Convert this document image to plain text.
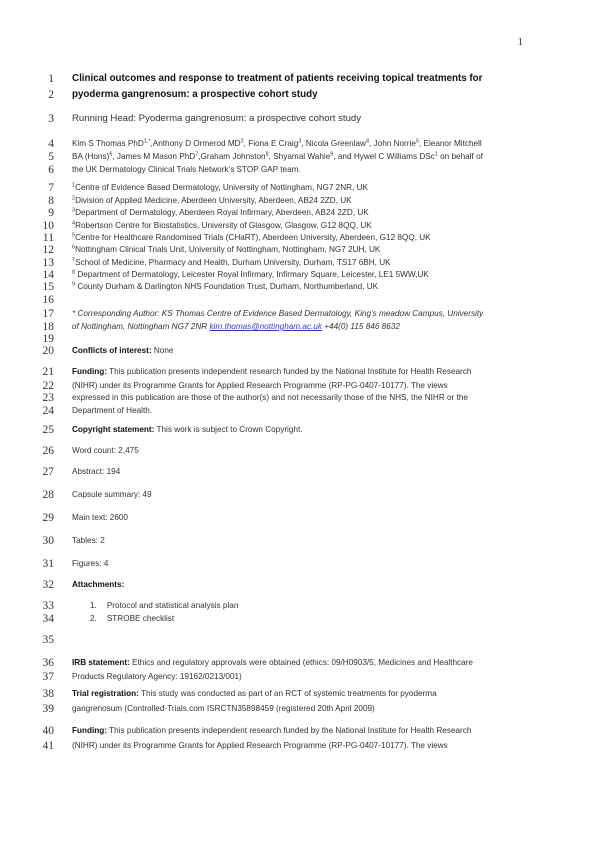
1
1
2
3
4
5
6
7
8
9
10
11
12
13
14
15
16
17
18
19
20
21
22
23
24
25
26
27
28
29
30
31
32
33
34
35
36
37
38
39
40
41
Clinical outcomes and response to treatment of patients receiving topical treatments for
pyoderma gangrenosum: a prospective cohort study
Running Head: Pyoderma gangrenosum: a prospective cohort study
Kim S Thomas PhD$^{1,*}$,Anthony D Ormerod $MD^2$, Fiona E Craig$^3$, Nicola Greenlaw$^4$, John Norrie$^5$, Eleanor Mitchell
BA (Hons)$^6$, James M Mason PhD$^7$,Graham Johnston$^8$, Shyamal Wahie$^9$, and Hywel C Williams DSc$^1$ on behalf of
the UK Dermatology Clinical Trials Network’s STOP GAP team.
$^1$Centre of Evidence Based Dermatology, University of Nottingham, NG7 2NR, UK
$^2$Division of Applied Medicine, Aberdeen University, Aberdeen, AB24 2ZD, UK
$^3$Department of Dermatology, Aberdeen Royal Infirmary, Aberdeen, AB24 2ZD, UK
$^4$Robertson Centre for Biostatistics, University of Glasgow, Glasgow, G12 8QQ, UK
$^5$Centre for Healthcare Randomised Trials (CHaRT), Aberdeen University, Aberdeen, G12 8QQ, UK
$^6$Nottingham Clinical Trials Unit, University of Nottingham, Nottingham, NG7 2UH, UK
$^7$School of Medicine, Pharmacy and Health, Durham University, Durham, TS17 6BH, UK
$^8$ Department of Dermatology, Leicester Royal Infirmary, Infirmary Square, Leicester, LE1 5WW,UK
$^9$ County Durham & Darlington NHS Foundation Trust, Durham, Northumberland, UK
* Corresponding Author: KS Thomas Centre of Evidence Based Dermatology, King’s meadow Campus, University
of Nottingham, Nottingham NG7 2NR kim.thomas@nottingham.ac.uk +44(0) 115 846 8632
Conflicts of interest: None
Funding: This publication presents independent research funded by the National Institute for Health Research
(NIHR) under its Programme Grants for Applied Research Programme (RP-PG-0407-10177). The views
expressed in this publication are those of the author(s) and not necessarily those of the NHS, the NIHR or the
Department of Health.
Copyright statement: This work is subject to Crown Copyright.
Word count: 2,475
Abstract: 194
Capsule summary: 49
Main text: 2600
Tables: 2
Figures: 4
Attachments:
1. Protocol and statistical analysis plan
2. STROBE checklist
IRB statement: Ethics and regulatory approvals were obtained (ethics: 09/H0903/5, Medicines and Healthcare
Products Regulatory Agency: 19162/0213/001)
Trial registration: This study was conducted as part of an RCT of systemic treatments for pyoderma
gangrenosum (Controlled-Trials.com ISRCTN35898459 (registered 20th April 2009)
Funding: This publication presents independent research funded by the National Institute for Health Research
(NIHR) under its Programme Grants for Applied Research Programme (RP-PG-0407-10177). The views
